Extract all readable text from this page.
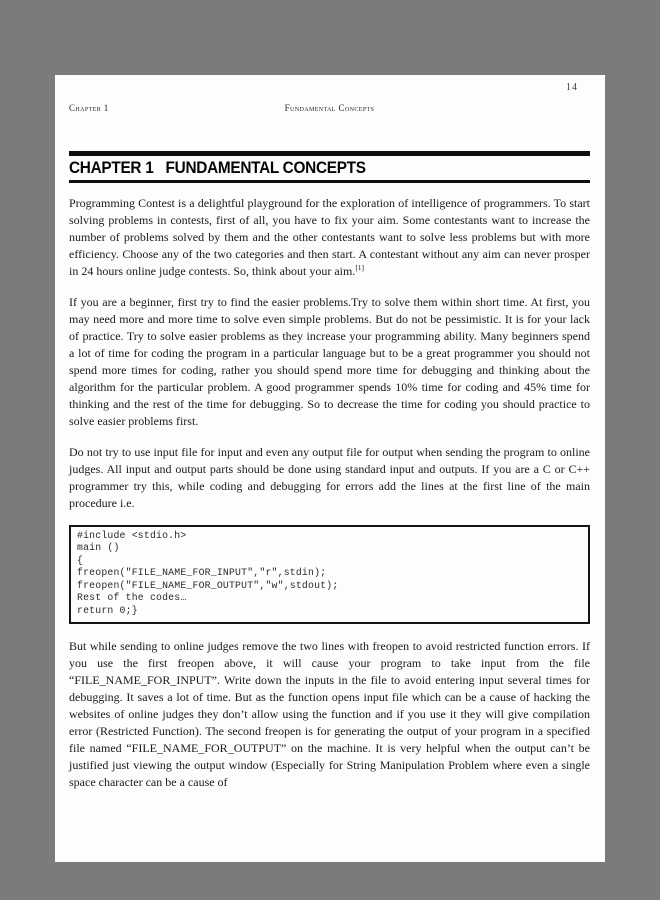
14
Chapter 1	Fundamental Concepts
CHAPTER 1 FUNDAMENTAL CONCEPTS

Programming Contest is a delightful playground for the exploration of intelligence of programmers. To start solving problems in contests, first of all, you have to fix your aim. Some contestants want to increase the number of problems solved by them and the other contestants want to solve less problems but with more efficiency. Choose any of the two categories and then start. A contestant without any aim can never prosper in 24 hours online judge contests. So, think about your aim.[1]

If you are a beginner, first try to find the easier problems.Try to solve them within short time. At first, you may need more and more time to solve even simple problems. But do not be pessimistic. It is for your lack of practice. Try to solve easier problems as they increase your programming ability. Many beginners spend a lot of time for coding the program in a particular language but to be a great programmer you should not spend more times for coding, rather you should spend more time for debugging and thinking about the algorithm for the particular problem. A good programmer spends 10% time for coding and 45% time for thinking and the rest of the time for debugging. So to decrease the time for coding you should practice to solve easier problems first.

Do not try to use input file for input and even any output file for output when sending the program to online judges. All input and output parts should be done using standard input and outputs. If you are a C or C++ programmer try this, while coding and debugging for errors add the lines at the first line of the main procedure i.e.

#include <stdio.h>
main ()
{
freopen("FILE_NAME_FOR_INPUT","r",stdin);
freopen("FILE_NAME_FOR_OUTPUT","w",stdout);
Rest of the codes…
return 0;}

But while sending to online judges remove the two lines with freopen to avoid restricted function errors. If you use the first freopen above, it will cause your program to take input from the file “FILE_NAME_FOR_INPUT”. Write down the inputs in the file to avoid entering input several times for debugging. It saves a lot of time. But as the function opens input file which can be a cause of hacking the websites of online judges they don’t allow using the function and if you use it they will give compilation error (Restricted Function). The second freopen is for generating the output of your program in a specified file named “FILE_NAME_FOR_OUTPUT” on the machine. It is very helpful when the output can’t be justified just viewing the output window (Especially for String Manipulation Problem where even a single space character can be a cause of
